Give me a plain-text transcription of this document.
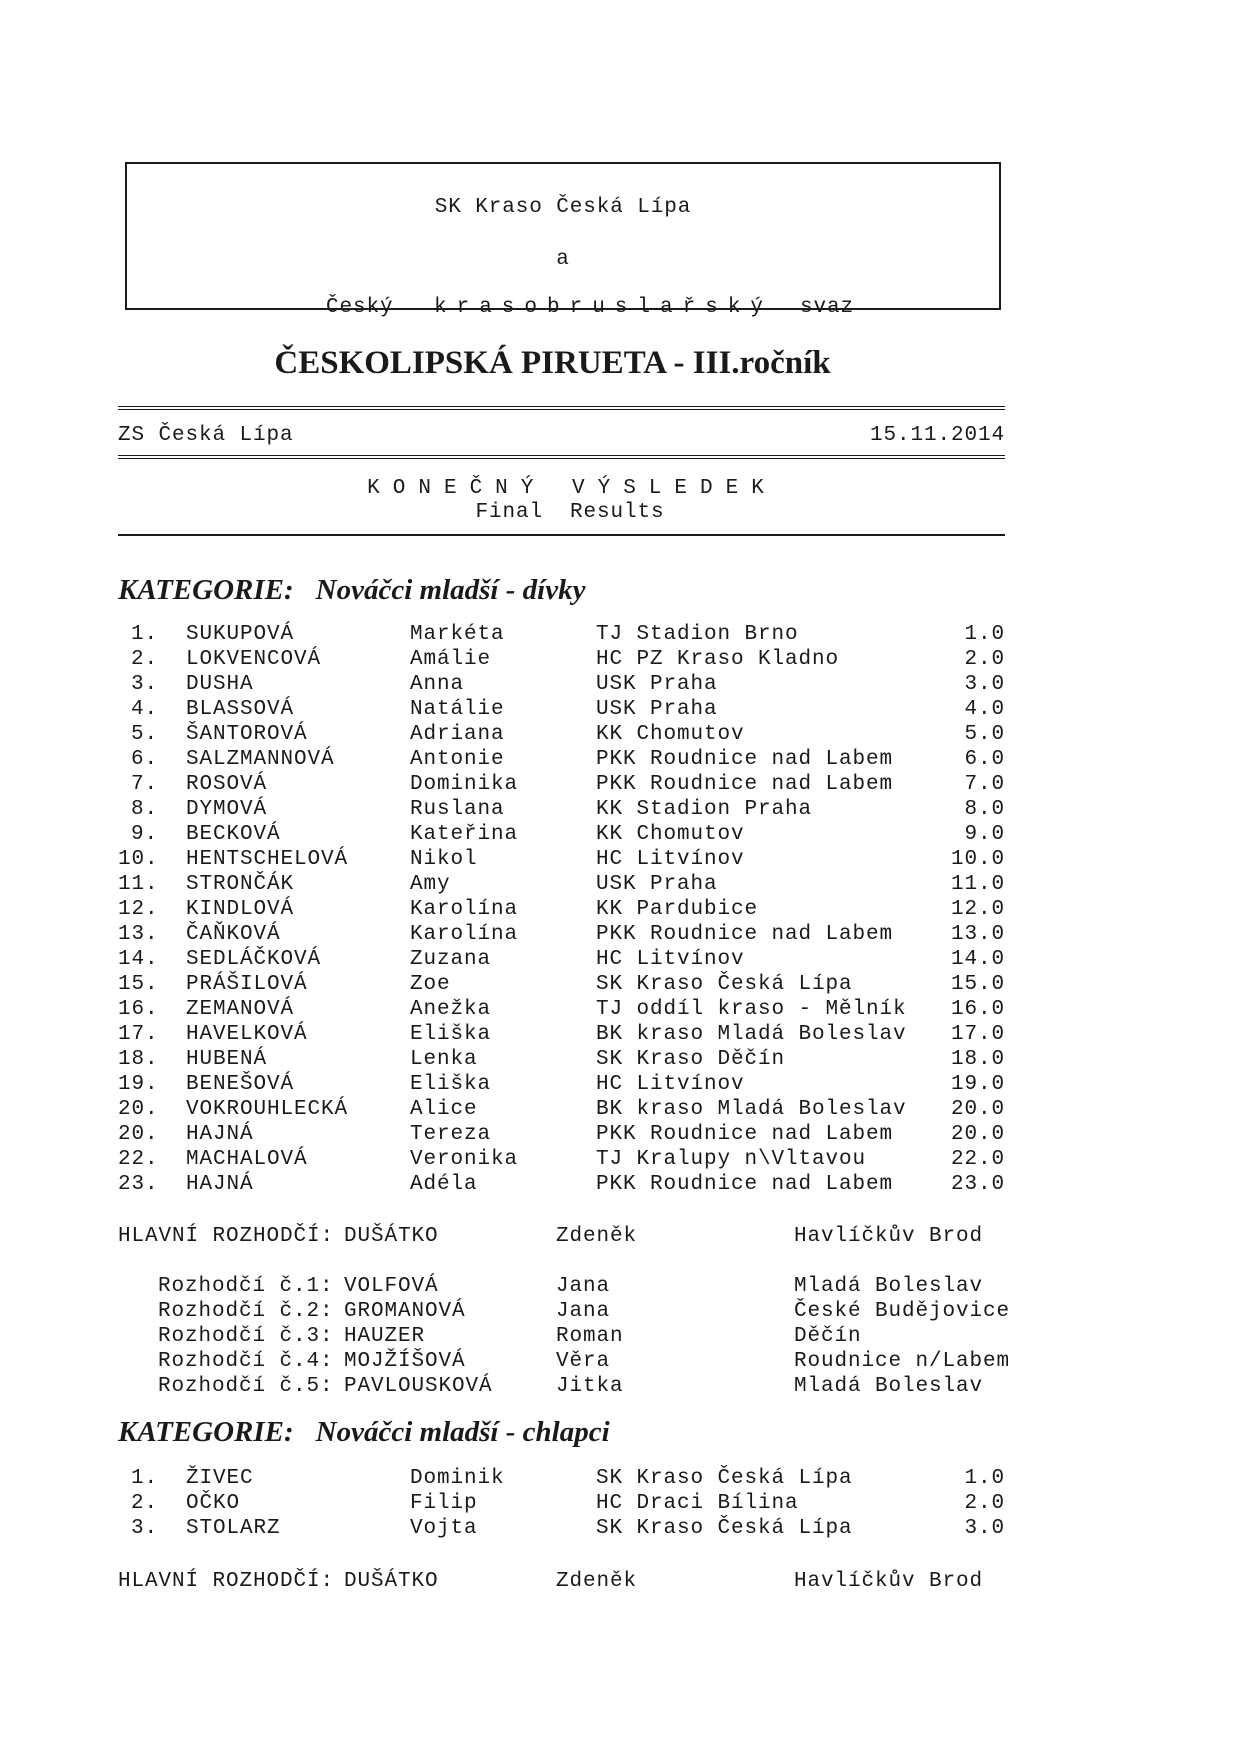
SK Kraso Česká Lípa
a

Český krasobruslařský svaz

ČESKOLIPSKÁ PIRUETA - III.ročník
ZS Česká Lípa	15.11.2014
KONEČNÝ VÝSLEDEK
Final  Results
KATEGORIE: Nováčci mladší - dívky
1. SUKUPOVÁ	Markéta	TJ Stadion Brno	1.0
2. LOKVENCOVÁ	Amálie	HC PZ Kraso Kladno	2.0
3. DUSHA	Anna	USK Praha	3.0
4. BLASSOVÁ	Natálie	USK Praha	4.0
5. ŠANTOROVÁ	Adriana	KK Chomutov	5.0
6. SALZMANNOVÁ	Antonie	PKK Roudnice nad Labem	6.0
7. ROSOVÁ	Dominika	PKK Roudnice nad Labem	7.0
8. DYMOVÁ	Ruslana	KK Stadion Praha	8.0
9. BECKOVÁ	Kateřina	KK Chomutov	9.0
10. HENTSCHELOVÁ	Nikol	HC Litvínov	10.0
11. STRONČÁK	Amy	USK Praha	11.0
12. KINDLOVÁ	Karolína	KK Pardubice	12.0
13. ČAŇKOVÁ	Karolína	PKK Roudnice nad Labem	13.0
14. SEDLÁČKOVÁ	Zuzana	HC Litvínov	14.0
15. PRÁŠILOVÁ	Zoe	SK Kraso Česká Lípa	15.0
16. ZEMANOVÁ	Anežka	TJ oddíl kraso - Mělník	16.0
17. HAVELKOVÁ	Eliška	BK kraso Mladá Boleslav	17.0
18. HUBENÁ	Lenka	SK Kraso Děčín	18.0
19. BENEŠOVÁ	Eliška	HC Litvínov	19.0
20. VOKROUHLECKÁ	Alice	BK kraso Mladá Boleslav	20.0
20. HAJNÁ	Tereza	PKK Roudnice nad Labem	20.0
22. MACHALOVÁ	Veronika	TJ Kralupy n\Vltavou	22.0
23. HAJNÁ	Adéla	PKK Roudnice nad Labem	23.0
HLAVNÍ ROZHODČÍ: DUŠÁTKO	Zdeněk	Havlíčkův Brod
Rozhodčí č.1: VOLFOVÁ	Jana	Mladá Boleslav
Rozhodčí č.2: GROMANOVÁ	Jana	České Budějovice
Rozhodčí č.3: HAUZER	Roman	Děčín
Rozhodčí č.4: MOJŽÍŠOVÁ	Věra	Roudnice n/Labem
Rozhodčí č.5: PAVLOUSKOVÁ	Jitka	Mladá Boleslav
KATEGORIE: Nováčci mladší - chlapci
1. ŽIVEC	Dominik	SK Kraso Česká Lípa	1.0
2. OČKO	Filip	HC Draci Bílina	2.0
3. STOLARZ	Vojta	SK Kraso Česká Lípa	3.0
HLAVNÍ ROZHODČÍ: DUŠÁTKO	Zdeněk	Havlíčkův Brod
